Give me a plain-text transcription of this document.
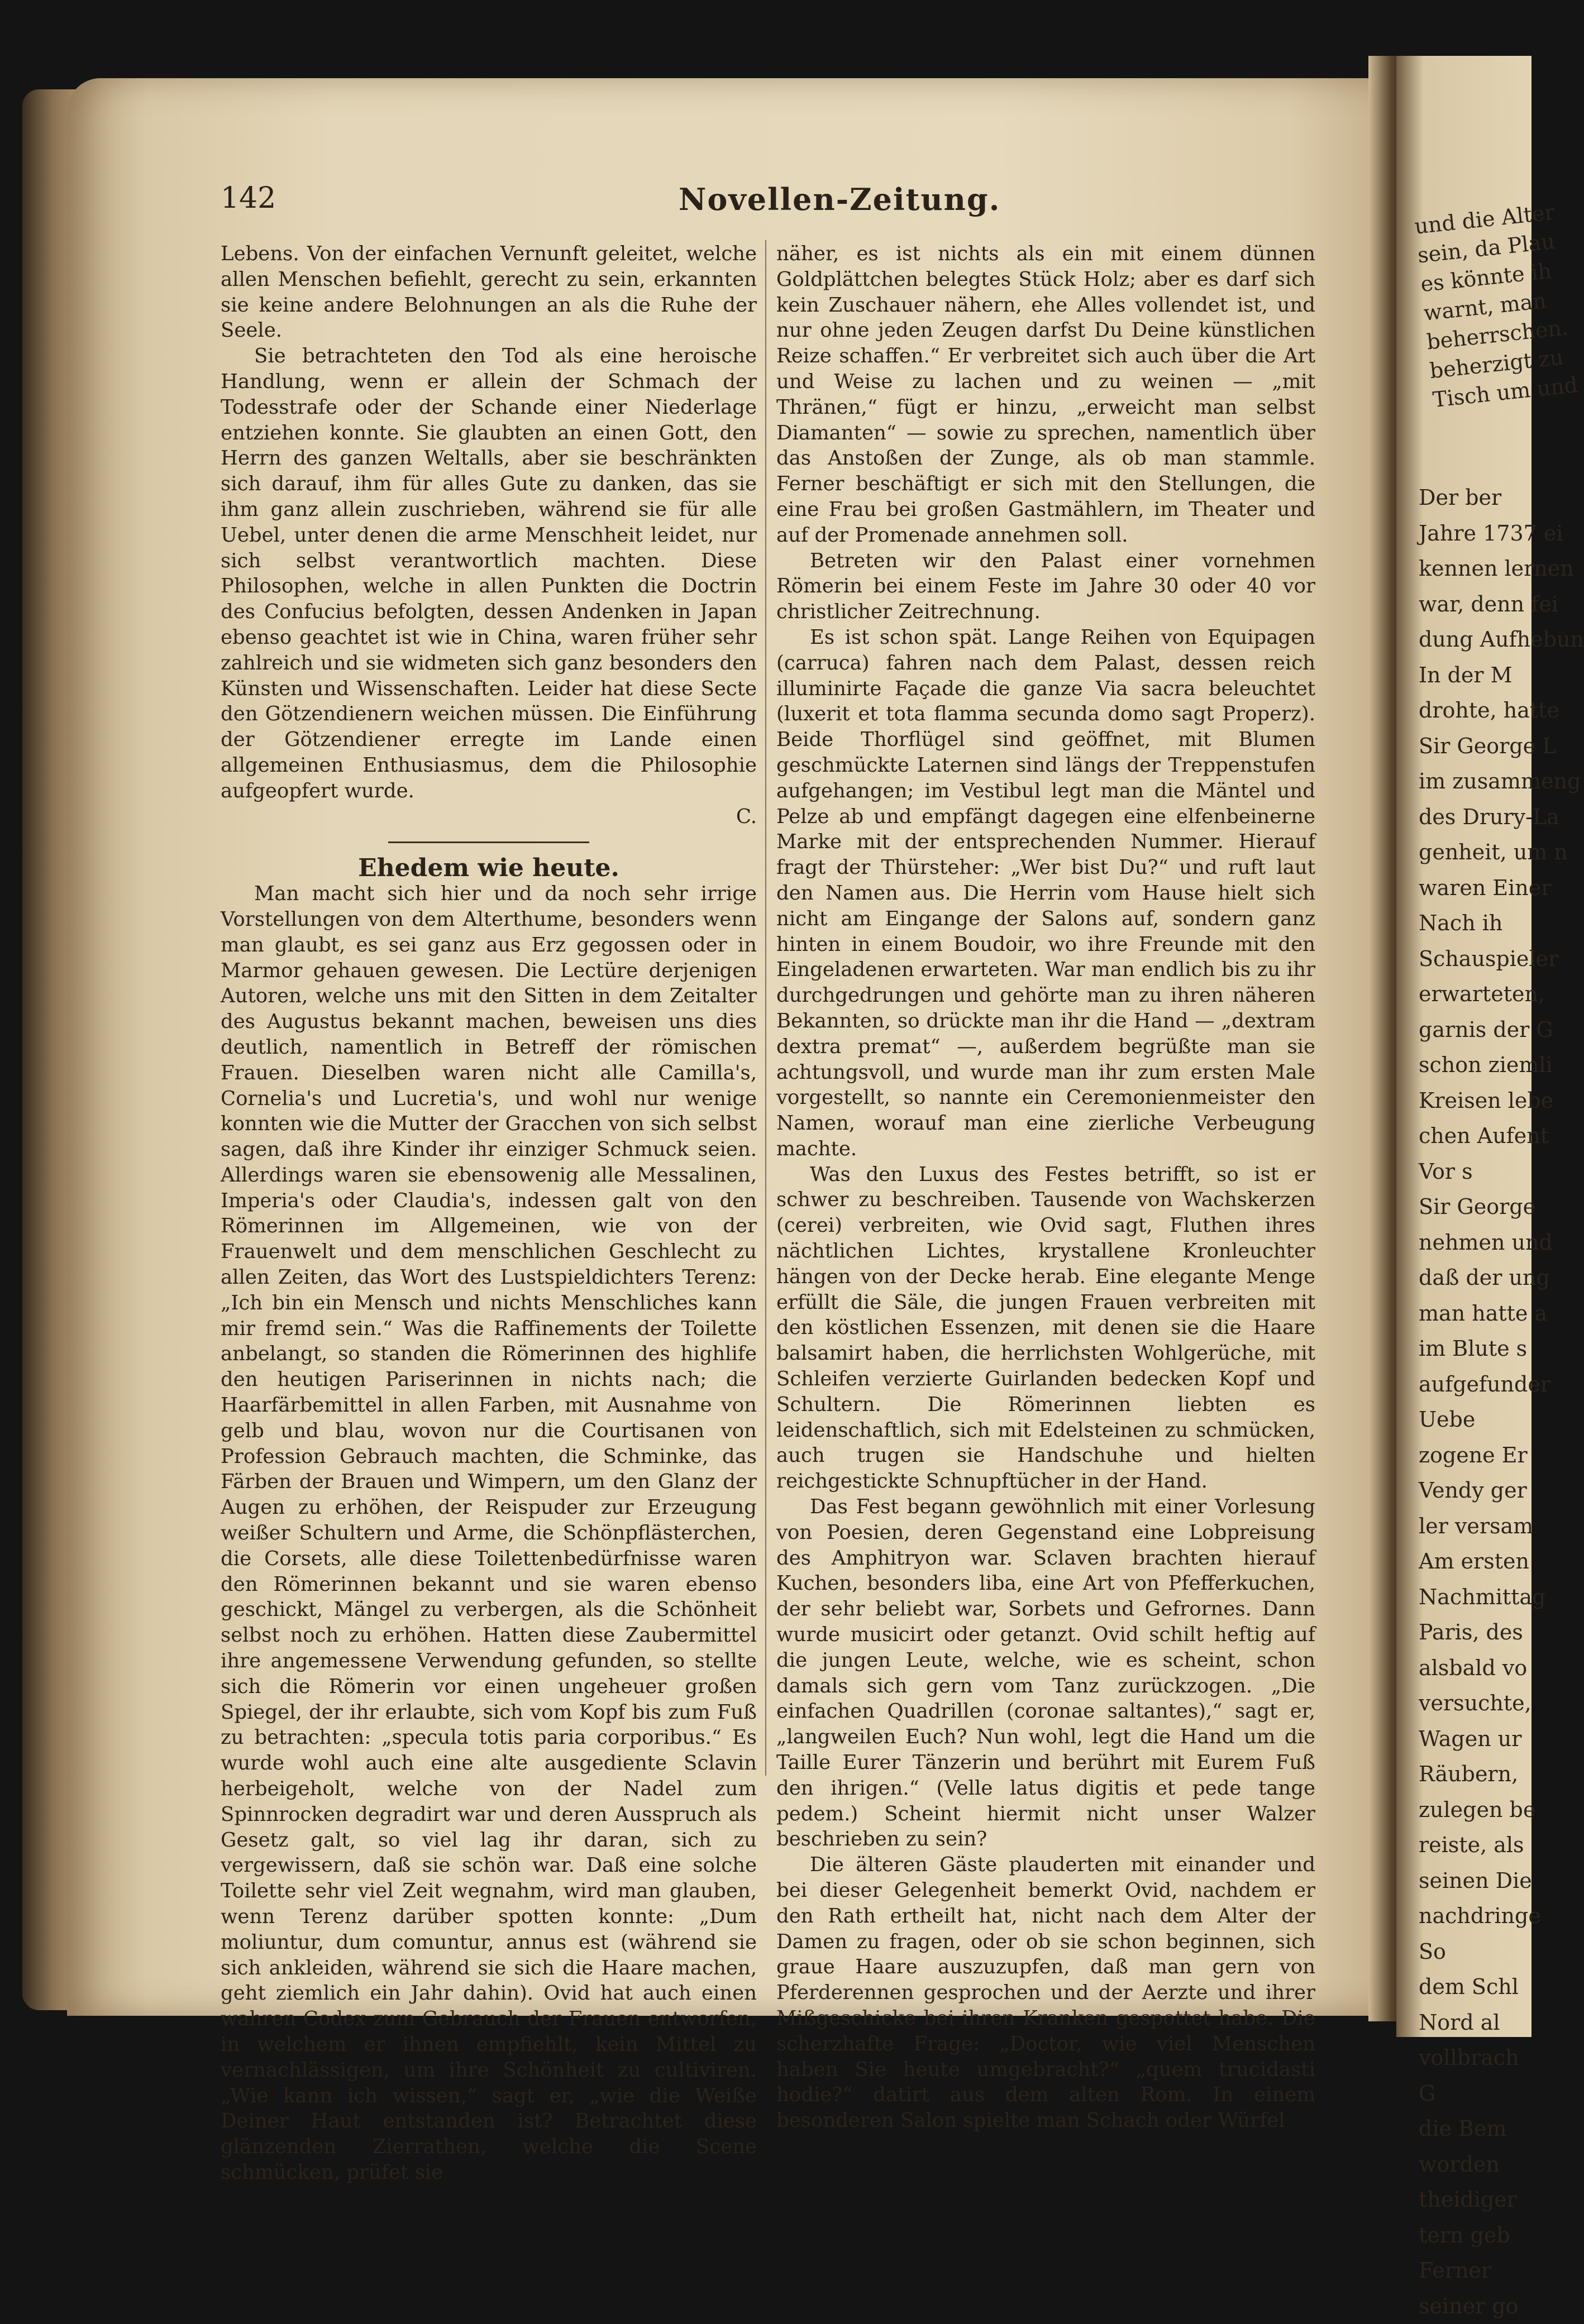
und die Alter
sein, da Plau
es könnte ih
warnt, man
beherrschen.
beherzigt zu
Tisch um und
Der ber
Jahre 1737 ei
kennen lernen
war, denn fei
dung Aufhebun
In der M
drohte, hatte
Sir George L
im zusammeng
des Drury-La
genheit, um n
waren Einer
Nach ih
Schauspieler
erwarteten,
garnis der G
schon ziemli
Kreisen lebe
chen Aufent
Vor s
Sir George
nehmen und
daß der ung
man hatte a
im Blute s
aufgefunder
Uebe
zogene Er
Vendy ger
ler versam
Am ersten
Nachmittag
Paris, des
alsbald vo
versuchte,
Wagen ur
Räubern,
zulegen be
reiste, als
seinen Die
nachdringe
So
dem Schl
Nord al
vollbrach
G
die Bem
worden
theidiger
tern geb
Ferner
seiner go
142	Novellen-Zeitung.

Lebens. Von der einfachen Vernunft geleitet, welche allen Menschen befiehlt, gerecht zu sein, erkannten sie keine andere Belohnungen an als die Ruhe der Seele.

Sie betrachteten den Tod als eine heroische Handlung, wenn er allein der Schmach der Todesstrafe oder der Schande einer Niederlage entziehen konnte. Sie glaubten an einen Gott, den Herrn des ganzen Weltalls, aber sie beschränkten sich darauf, ihm für alles Gute zu danken, das sie ihm ganz allein zuschrieben, während sie für alle Uebel, unter denen die arme Menschheit leidet, nur sich selbst verantwortlich machten. Diese Philosophen, welche in allen Punkten die Doctrin des Confucius befolgten, dessen Andenken in Japan ebenso geachtet ist wie in China, waren früher sehr zahlreich und sie widmeten sich ganz besonders den Künsten und Wissenschaften. Leider hat diese Secte den Götzendienern weichen müssen. Die Einführung der Götzendiener erregte im Lande einen allgemeinen Enthusiasmus, dem die Philosophie aufgeopfert wurde.

C.

Ehedem wie heute.

Man macht sich hier und da noch sehr irrige Vorstellungen von dem Alterthume, besonders wenn man glaubt, es sei ganz aus Erz gegossen oder in Marmor gehauen gewesen. Die Lectüre derjenigen Autoren, welche uns mit den Sitten in dem Zeitalter des Augustus bekannt machen, beweisen uns dies deutlich, namentlich in Betreff der römischen Frauen. Dieselben waren nicht alle Camilla's, Cornelia's und Lucretia's, und wohl nur wenige konnten wie die Mutter der Gracchen von sich selbst sagen, daß ihre Kinder ihr einziger Schmuck seien. Allerdings waren sie ebensowenig alle Messalinen, Imperia's oder Claudia's, indessen galt von den Römerinnen im Allgemeinen, wie von der Frauenwelt und dem menschlichen Geschlecht zu allen Zeiten, das Wort des Lustspieldichters Terenz: „Ich bin ein Mensch und nichts Menschliches kann mir fremd sein.“ Was die Raffinements der Toilette anbelangt, so standen die Römerinnen des highlife den heutigen Pariserinnen in nichts nach; die Haarfärbemittel in allen Farben, mit Ausnahme von gelb und blau, wovon nur die Courtisanen von Profession Gebrauch machten, die Schminke, das Färben der Brauen und Wimpern, um den Glanz der Augen zu erhöhen, der Reispuder zur Erzeugung weißer Schultern und Arme, die Schönpflästerchen, die Corsets, alle diese Toilettenbedürfnisse waren den Römerinnen bekannt und sie waren ebenso geschickt, Mängel zu verbergen, als die Schönheit selbst noch zu erhöhen. Hatten diese Zaubermittel ihre angemessene Verwendung gefunden, so stellte sich die Römerin vor einen ungeheuer großen Spiegel, der ihr erlaubte, sich vom Kopf bis zum Fuß zu betrachten: „specula totis paria corporibus.“ Es wurde wohl auch eine alte ausgediente Sclavin herbeigeholt, welche von der Nadel zum Spinnrocken degradirt war und deren Ausspruch als Gesetz galt, so viel lag ihr daran, sich zu vergewissern, daß sie schön war. Daß eine solche Toilette sehr viel Zeit wegnahm, wird man glauben, wenn Terenz darüber spotten konnte: „Dum moliuntur, dum comuntur, annus est (während sie sich ankleiden, während sie sich die Haare machen, geht ziemlich ein Jahr dahin). Ovid hat auch einen wahren Codex zum Gebrauch der Frauen entworfen, in welchem er ihnen empfiehlt, kein Mittel zu vernachlässigen, um ihre Schönheit zu cultiviren. „Wie kann ich wissen,“ sagt er, „wie die Weiße Deiner Haut entstanden ist? Betrachtet diese glänzenden Zierrathen, welche die Scene schmücken, prüfet sie

näher, es ist nichts als ein mit einem dünnen Goldplättchen belegtes Stück Holz; aber es darf sich kein Zuschauer nähern, ehe Alles vollendet ist, und nur ohne jeden Zeugen darfst Du Deine künstlichen Reize schaffen.“ Er verbreitet sich auch über die Art und Weise zu lachen und zu weinen — „mit Thränen,“ fügt er hinzu, „erweicht man selbst Diamanten“ — sowie zu sprechen, namentlich über das Anstoßen der Zunge, als ob man stammle. Ferner beschäftigt er sich mit den Stellungen, die eine Frau bei großen Gastmählern, im Theater und auf der Promenade annehmen soll.

Betreten wir den Palast einer vornehmen Römerin bei einem Feste im Jahre 30 oder 40 vor christlicher Zeitrechnung.

Es ist schon spät. Lange Reihen von Equipagen (carruca) fahren nach dem Palast, dessen reich illuminirte Façade die ganze Via sacra beleuchtet (luxerit et tota flamma secunda domo sagt Properz). Beide Thorflügel sind geöffnet, mit Blumen geschmückte Laternen sind längs der Treppenstufen aufgehangen; im Vestibul legt man die Mäntel und Pelze ab und empfängt dagegen eine elfenbeinerne Marke mit der entsprechenden Nummer. Hierauf fragt der Thürsteher: „Wer bist Du?“ und ruft laut den Namen aus. Die Herrin vom Hause hielt sich nicht am Eingange der Salons auf, sondern ganz hinten in einem Boudoir, wo ihre Freunde mit den Eingeladenen erwarteten. War man endlich bis zu ihr durchgedrungen und gehörte man zu ihren näheren Bekannten, so drückte man ihr die Hand — „dextram dextra premat“ —, außerdem begrüßte man sie achtungsvoll, und wurde man ihr zum ersten Male vorgestellt, so nannte ein Ceremonienmeister den Namen, worauf man eine zierliche Verbeugung machte.

Was den Luxus des Festes betrifft, so ist er schwer zu beschreiben. Tausende von Wachskerzen (cerei) verbreiten, wie Ovid sagt, Fluthen ihres nächtlichen Lichtes, krystallene Kronleuchter hängen von der Decke herab. Eine elegante Menge erfüllt die Säle, die jungen Frauen verbreiten mit den köstlichen Essenzen, mit denen sie die Haare balsamirt haben, die herrlichsten Wohlgerüche, mit Schleifen verzierte Guirlanden bedecken Kopf und Schultern. Die Römerinnen liebten es leidenschaftlich, sich mit Edelsteinen zu schmücken, auch trugen sie Handschuhe und hielten reichgestickte Schnupftücher in der Hand.

Das Fest begann gewöhnlich mit einer Vorlesung von Poesien, deren Gegenstand eine Lobpreisung des Amphitryon war. Sclaven brachten hierauf Kuchen, besonders liba, eine Art von Pfefferkuchen, der sehr beliebt war, Sorbets und Gefrornes. Dann wurde musicirt oder getanzt. Ovid schilt heftig auf die jungen Leute, welche, wie es scheint, schon damals sich gern vom Tanz zurückzogen. „Die einfachen Quadrillen (coronae saltantes),“ sagt er, „langweilen Euch? Nun wohl, legt die Hand um die Taille Eurer Tänzerin und berührt mit Eurem Fuß den ihrigen.“ (Velle latus digitis et pede tange pedem.) Scheint hiermit nicht unser Walzer beschrieben zu sein?

Die älteren Gäste plauderten mit einander und bei dieser Gelegenheit bemerkt Ovid, nachdem er den Rath ertheilt hat, nicht nach dem Alter der Damen zu fragen, oder ob sie schon beginnen, sich graue Haare auszuzupfen, daß man gern von Pferderennen gesprochen und der Aerzte und ihrer Mißgeschicke bei ihren Kranken gespottet habe. Die scherzhafte Frage: „Doctor, wie viel Menschen haben Sie heute umgebracht?“ „quem trucidasti hodie?“ datirt aus dem alten Rom. In einem besonderen Salon spielte man Schach oder Würfel
